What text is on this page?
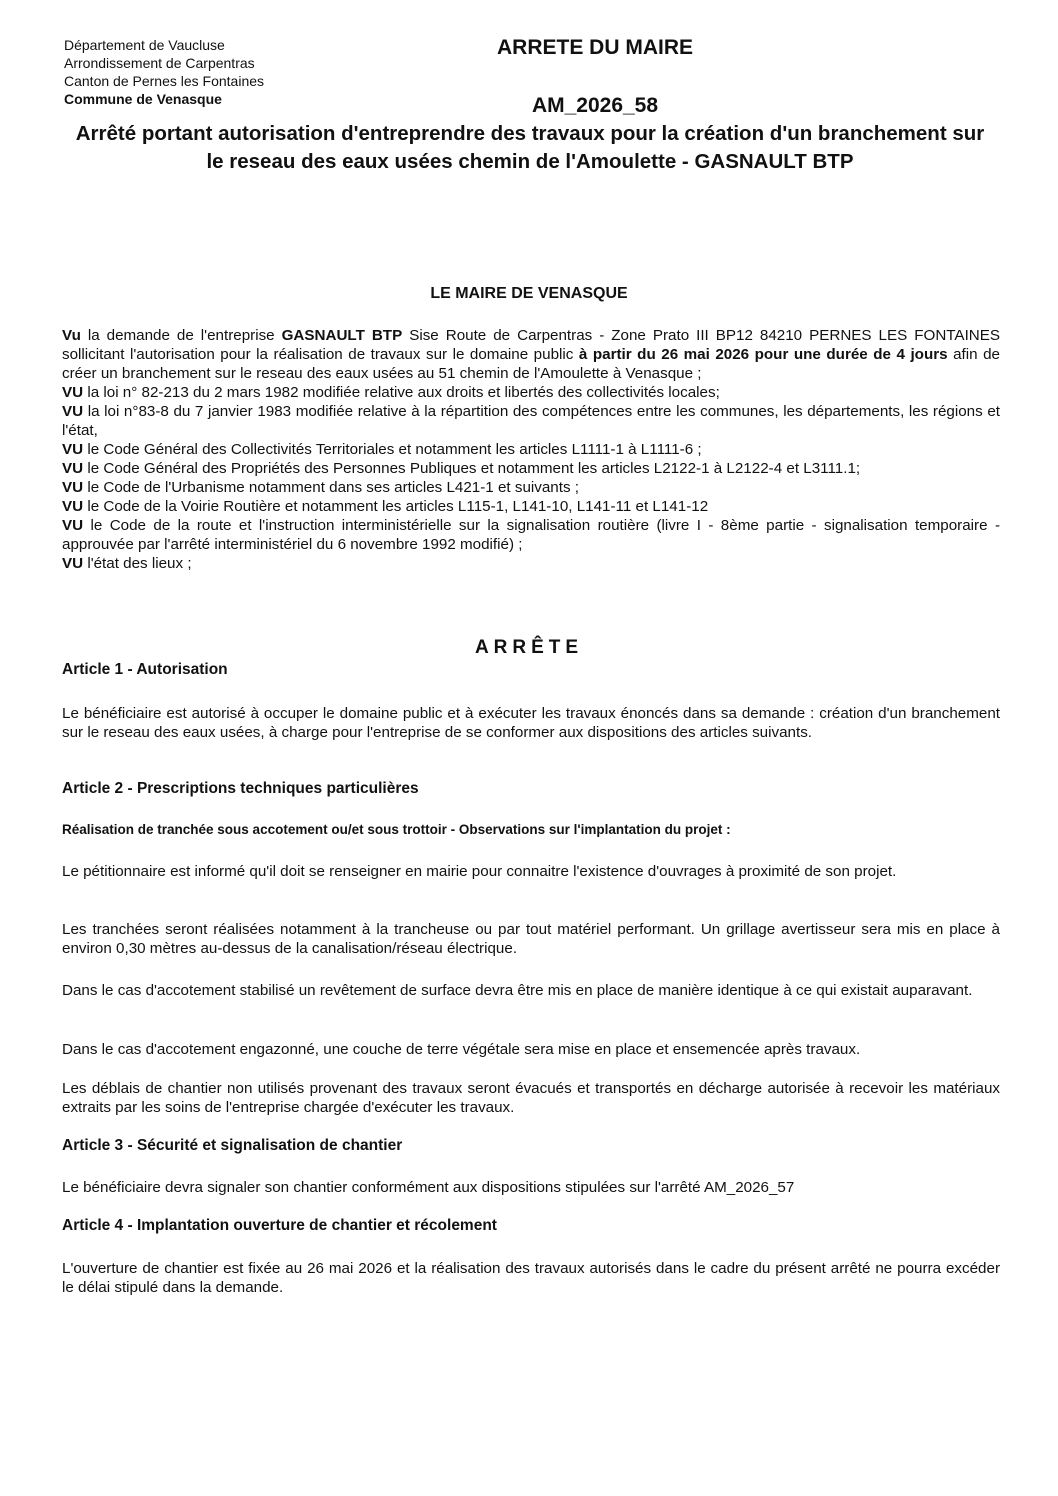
Département de Vaucluse
Arrondissement de Carpentras
Canton de Pernes les Fontaines
Commune de Venasque
ARRETE DU MAIRE
AM_2026_58
Arrêté portant autorisation d'entreprendre des travaux pour la création d'un branchement sur le reseau des eaux usées chemin de l'Amoulette - GASNAULT BTP
LE MAIRE DE VENASQUE

Vu la demande de l'entreprise GASNAULT BTP Sise Route de Carpentras - Zone Prato III BP12 84210 PERNES LES FONTAINES sollicitant l'autorisation pour la réalisation de travaux sur le domaine public à partir du 26 mai 2026 pour une durée de 4 jours afin de créer un branchement sur le reseau des eaux usées au 51 chemin de l'Amoulette à Venasque ;

VU la loi n° 82-213 du 2 mars 1982 modifiée relative aux droits et libertés des collectivités locales;

VU la loi n°83-8 du 7 janvier 1983 modifiée relative à la répartition des compétences entre les communes, les départements, les régions et l'état,

VU le Code Général des Collectivités Territoriales et notamment les articles L1111-1 à L1111-6 ;

VU le Code Général des Propriétés des Personnes Publiques et notamment les articles L2122-1 à L2122-4 et L3111.1;

VU le Code de l'Urbanisme notamment dans ses articles L421-1 et suivants ;

VU le Code de la Voirie Routière et notamment les articles L115-1, L141-10, L141-11 et L141-12

VU le Code de la route et l'instruction interministérielle sur la signalisation routière (livre I - 8ème partie - signalisation temporaire - approuvée par l'arrêté interministériel du 6 novembre 1992 modifié) ;

VU l'état des lieux ;

ARRÊTE
Article 1 - Autorisation

Le bénéficiaire est autorisé à occuper le domaine public et à exécuter les travaux énoncés dans sa demande : création d'un branchement sur le reseau des eaux usées, à charge pour l'entreprise de se conformer aux dispositions des articles suivants.

Article 2 - Prescriptions techniques particulières
Réalisation de tranchée sous accotement ou/et sous trottoir - Observations sur l'implantation du projet :

Le pétitionnaire est informé qu'il doit se renseigner en mairie pour connaitre l'existence d'ouvrages à proximité de son projet.

Les tranchées seront réalisées notamment à la trancheuse ou par tout matériel performant. Un grillage avertisseur sera mis en place à environ 0,30 mètres au-dessus de la canalisation/réseau électrique.

Dans le cas d'accotement stabilisé un revêtement de surface devra être mis en place de manière identique à ce qui existait auparavant.

Dans le cas d'accotement engazonné, une couche de terre végétale sera mise en place et ensemencée après travaux.

Les déblais de chantier non utilisés provenant des travaux seront évacués et transportés en décharge autorisée à recevoir les matériaux extraits par les soins de l'entreprise chargée d'exécuter les travaux.

Article 3 - Sécurité et signalisation de chantier

Le bénéficiaire devra signaler son chantier conformément aux dispositions stipulées sur l'arrêté AM_2026_57

Article 4 - Implantation ouverture de chantier et récolement

L'ouverture de chantier est fixée au 26 mai 2026 et la réalisation des travaux autorisés dans le cadre du présent arrêté ne pourra excéder le délai stipulé dans la demande.
